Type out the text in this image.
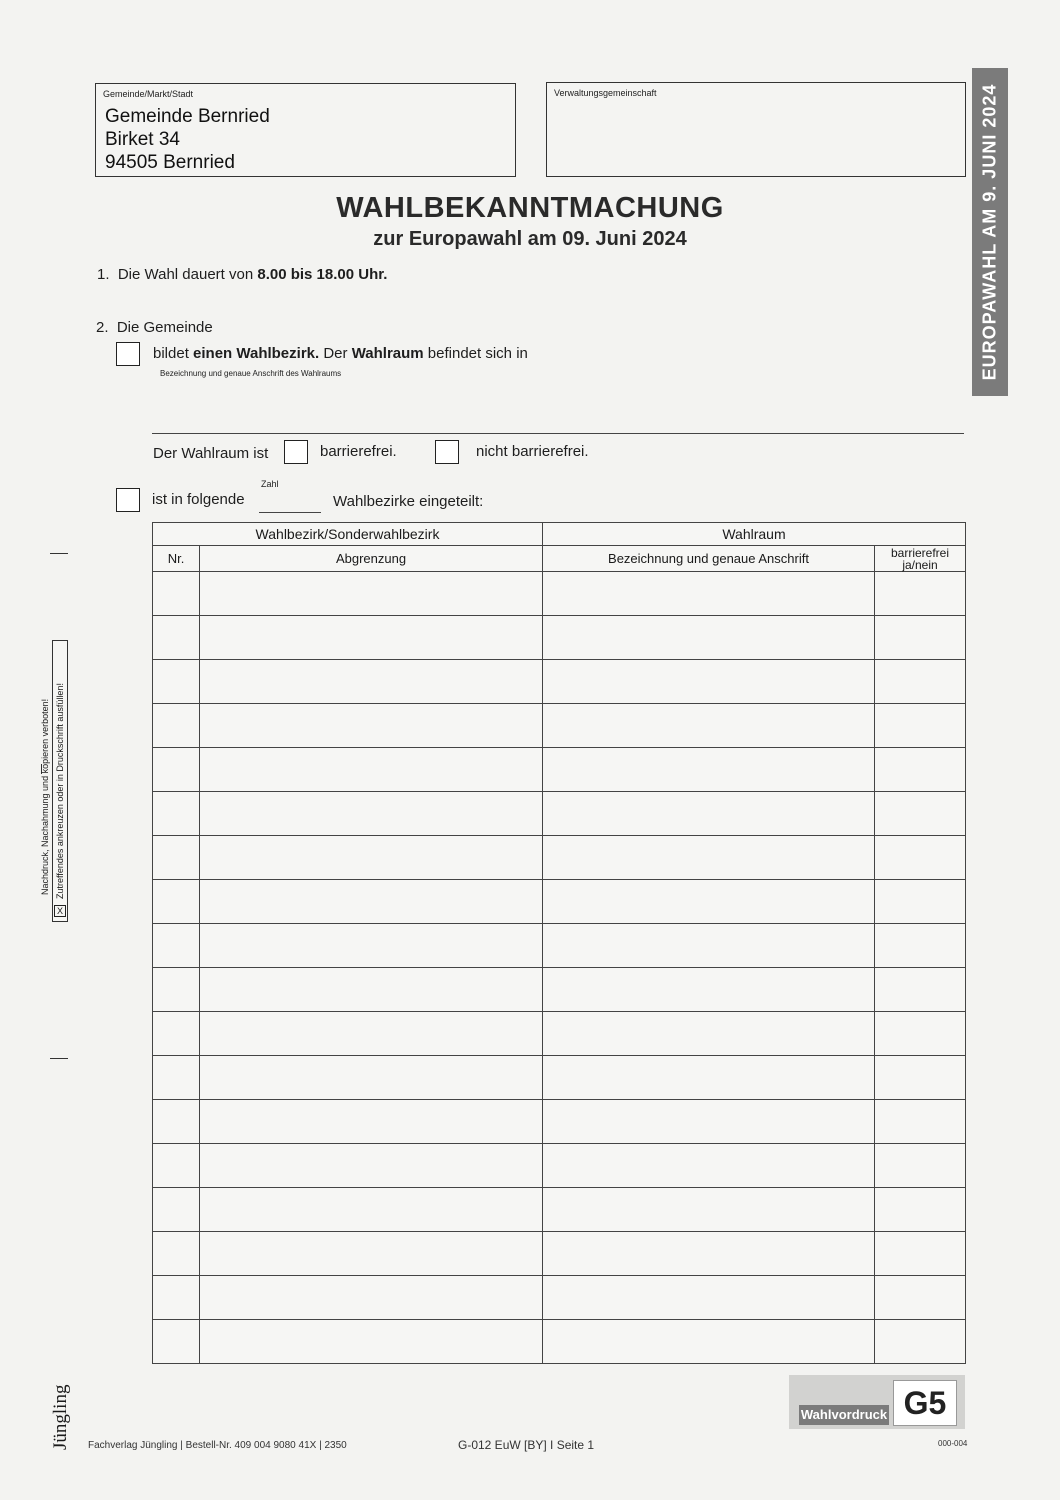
Gemeinde/Markt/Stadt
Gemeinde Bernried
Birket 34
94505 Bernried
Verwaltungsgemeinschaft	EUROPAWAHL AM 9. JUNI 2024
WAHLBEKANNTMACHUNG
zur Europawahl am 09. Juni 2024
1.  Die Wahl dauert von 8.00 bis 18.00 Uhr.
2.  Die Gemeinde
bildet einen Wahlbezirk. Der Wahlraum befindet sich in
Bezeichnung und genaue Anschrift des Wahlraums
Der Wahlraum ist	barrierefrei.	nicht barrierefrei.
ist in folgende
Zahl
Wahlbezirke eingeteilt:
Wahlbezirk/Sonderwahlbezirk		Wahlraum	
Nr.	Abgrenzung	Bezeichnung und genaue Anschrift	barrierefrei ja/nein

Nachdruck, Nachahmung und kopieren verboten!
X
Zutreffendes ankreuzen oder in Druckschrift ausfüllen!
Jüngling Fachverlag Jüngling | Bestell-Nr. 409 004 9080 41X | 2350	G-012 EuW [BY] I Seite 1
Wahlvordruck G5
000-004
